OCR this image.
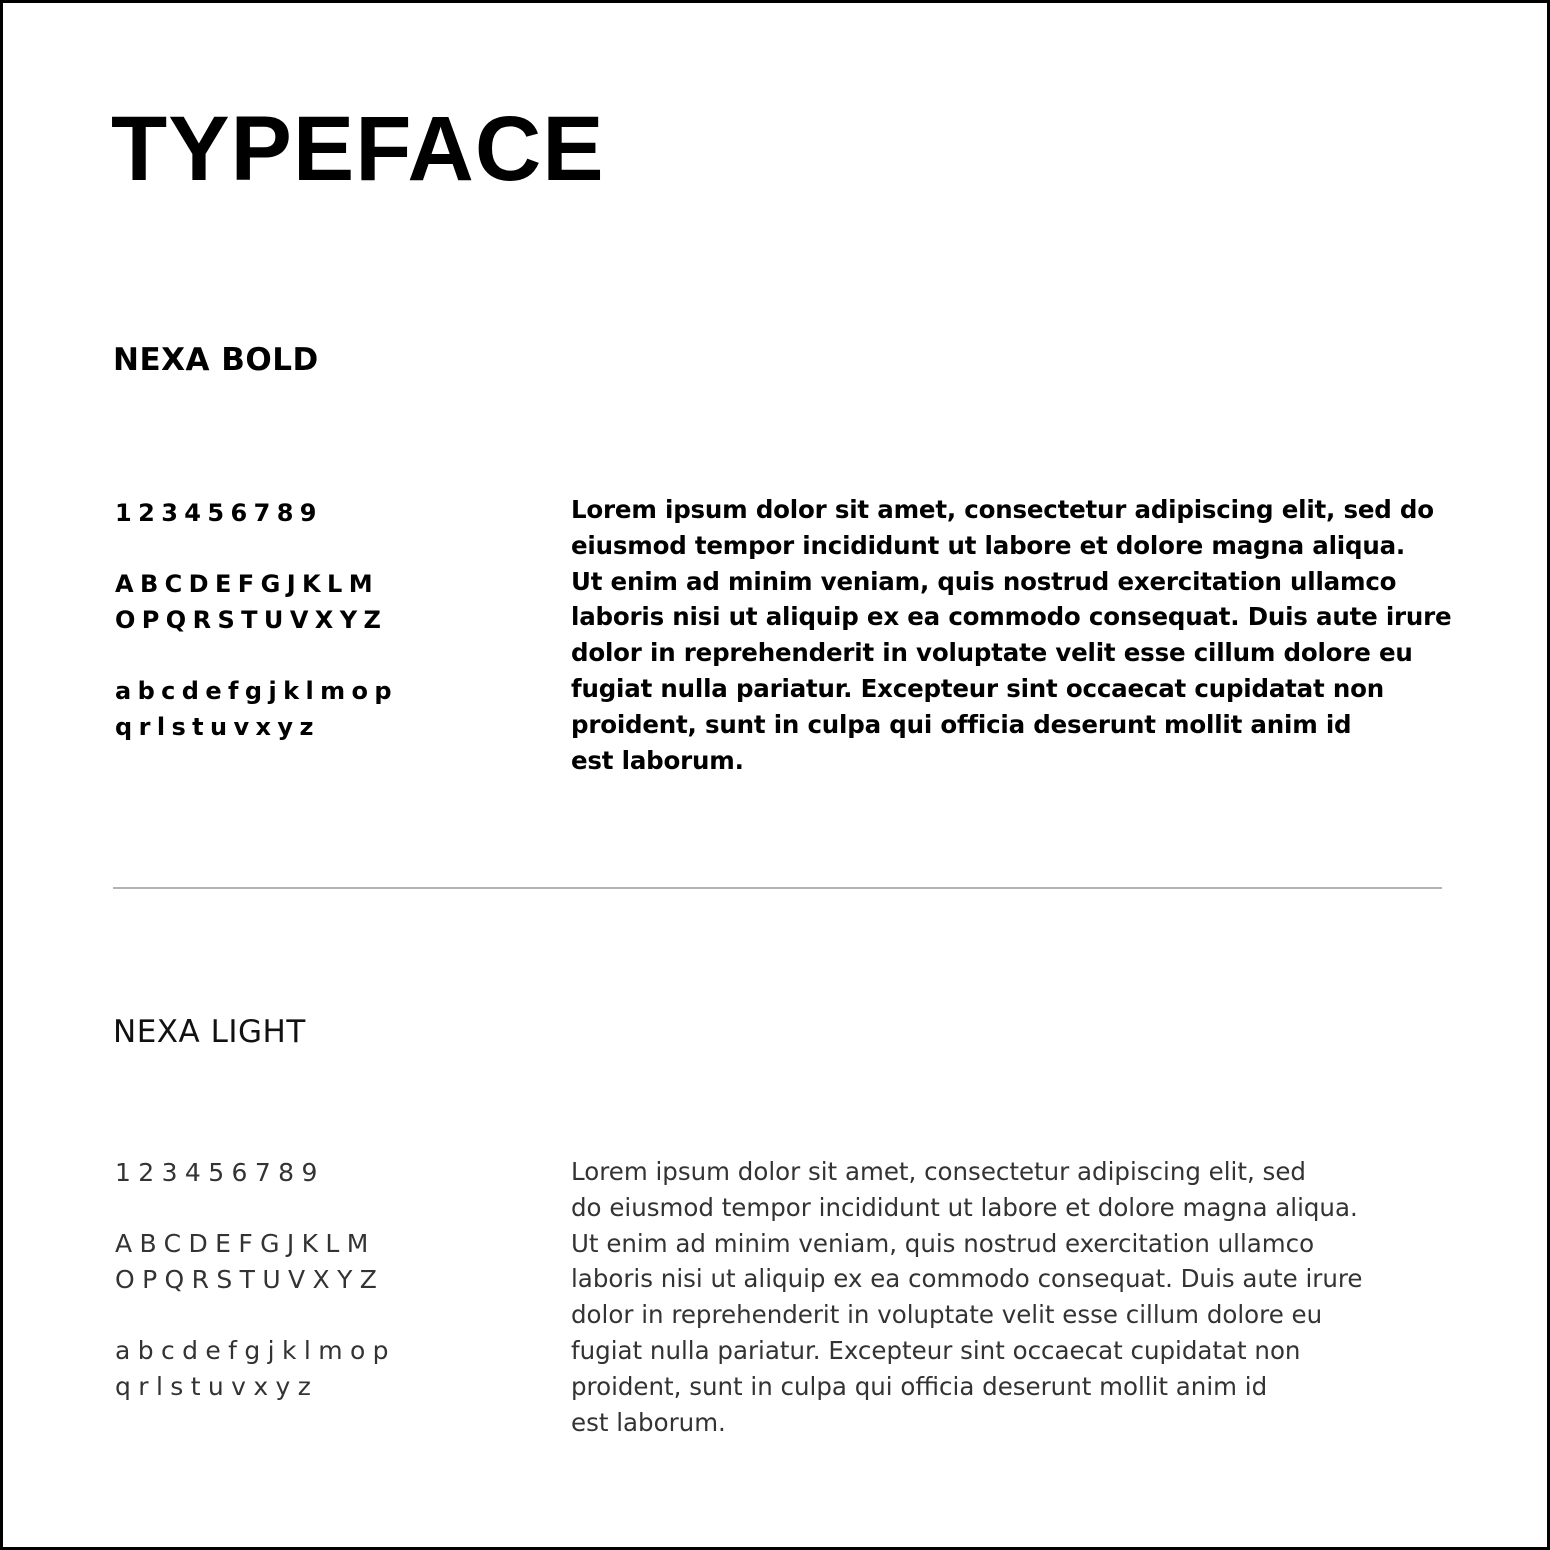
TYPEFACE
NEXA BOLD
123456789
ABCDEFGJKLM
OPQRSTUVXYZ
abcdefgjklmop
qrlstuvxyz

Lorem ipsum dolor sit amet, consectetur adipiscing elit, sed do
eiusmod tempor incididunt ut labore et dolore magna aliqua.
Ut enim ad minim veniam, quis nostrud exercitation ullamco
laboris nisi ut aliquip ex ea commodo consequat. Duis aute irure
dolor in reprehenderit in voluptate velit esse cillum dolore eu
fugiat nulla pariatur. Excepteur sint occaecat cupidatat non
proident, sunt in culpa qui officia deserunt mollit anim id
est laborum.

NEXA LIGHT
123456789
ABCDEFGJKLM
OPQRSTUVXYZ
abcdefgjklmop
qrlstuvxyz

Lorem ipsum dolor sit amet, consectetur adipiscing elit, sed
do eiusmod tempor incididunt ut labore et dolore magna aliqua.
Ut enim ad minim veniam, quis nostrud exercitation ullamco
laboris nisi ut aliquip ex ea commodo consequat. Duis aute irure
dolor in reprehenderit in voluptate velit esse cillum dolore eu
fugiat nulla pariatur. Excepteur sint occaecat cupidatat non
proident, sunt in culpa qui officia deserunt mollit anim id
est laborum.
